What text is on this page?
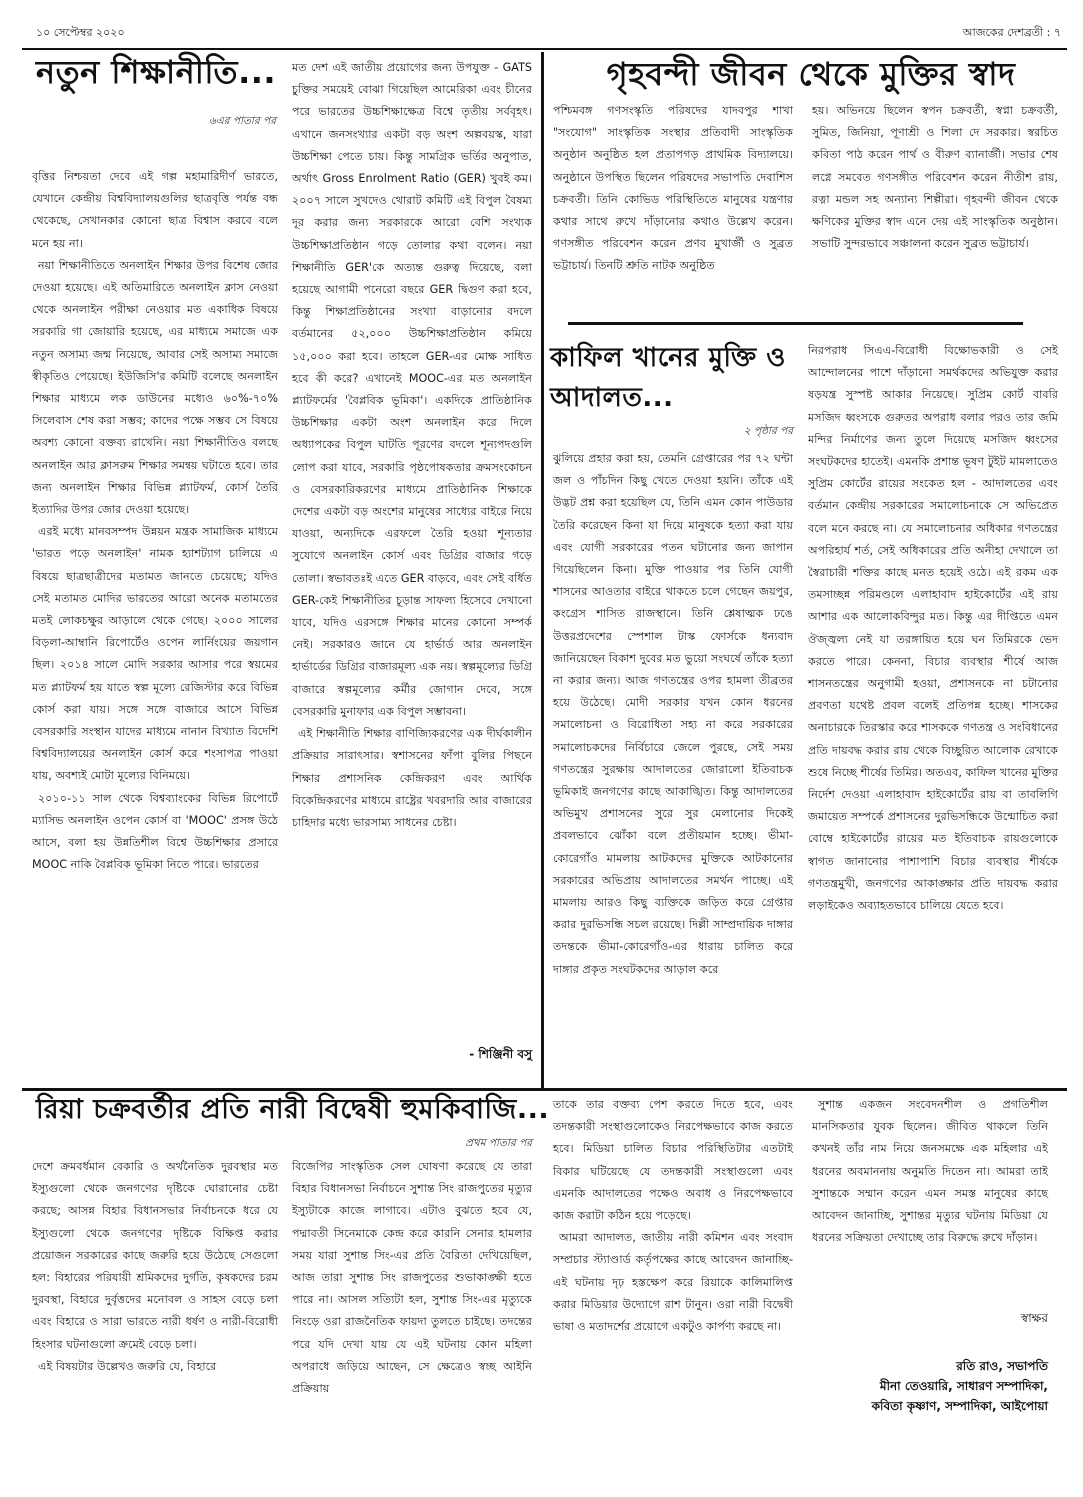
১০ সেপ্টেম্বর ২০২০	আজকের দেশব্রতী : ৭
নতুন শিক্ষানীতি...
৬এর পাতার পর

বৃত্তির নিশ্চয়তা দেবে এই গল্প মহামারিদীর্ণ ভারতে, যেখানে কেন্দ্রীয় বিশ্ববিদ্যালয়গুলির ছাত্রবৃত্তি পর্যন্ত বন্ধ থেকেছে, সেখানকার কোনো ছাত্র বিশ্বাস করবে বলে মনে হয় না।

নয়া শিক্ষানীতিতে অনলাইন শিক্ষার উপর বিশেষ জোর দেওয়া হয়েছে। এই অতিমারিতে অনলাইন ক্লাস নেওয়া থেকে অনলাইন পরীক্ষা নেওয়ার মত একাধিক বিষয়ে সরকারি গা জোয়ারি হয়েছে, এর মাধ্যমে সমাজে এক নতুন অসাম্য জন্ম নিয়েছে, আবার সেই অসাম্য সমাজে স্বীকৃতিও পেয়েছে। ইউজিসি'র কমিটি বলেছে অনলাইন শিক্ষার মাধ্যমে লক ডাউনের মধ্যেও ৬০%-৭০% সিলেবাস শেষ করা সম্ভব; কাদের পক্ষে সম্ভব সে বিষয়ে অবশ্য কোনো বক্তব্য রাখেনি। নয়া শিক্ষানীতিও বলছে অনলাইন আর ক্লাসরুম শিক্ষার সমন্বয় ঘটাতে হবে। তার জন্য অনলাইন শিক্ষার বিভিন্ন প্ল্যাটফর্ম, কোর্স তৈরি ইত্যাদির উপর জোর দেওয়া হয়েছে।

এরই মধ্যে মানবসম্পদ উন্নয়ন মন্ত্রক সামাজিক মাধ্যমে 'ভারত পড়ে অনলাইন' নামক হ্যাশট্যাগ চালিয়ে এ বিষয়ে ছাত্রছাত্রীদের মতামত জানতে চেয়েছে; যদিও সেই মতামত মোদির ভারতের আরো অনেক মতামতের মতই লোকচক্ষুর আড়ালে থেকে গেছে। ২০০০ সালের বিড়লা-আম্বানি রিপোর্টেও ওপেন লার্নিংয়ের জয়গান ছিল। ২০১৪ সালে মোদি সরকার আসার পরে স্বয়মের মত প্ল্যাটফর্ম হয় যাতে স্বল্প মূল্যে রেজিস্টার করে বিভিন্ন কোর্স করা যায়। সঙ্গে সঙ্গে বাজারে আসে বিভিন্ন বেসরকারি সংস্থান যাদের মাধ্যমে নানান বিখ্যাত বিদেশি বিশ্ববিদ্যালয়ের অনলাইন কোর্স করে শংসাপত্র পাওয়া যায়, অবশ্যই মোটা মূল্যের বিনিময়ে।

২০১০-১১ সাল থেকে বিশ্বব্যাংকের বিভিন্ন রিপোর্টে ম্যাসিভ অনলাইন ওপেন কোর্স বা 'MOOC' প্রসঙ্গ উঠে আসে, বলা হয় উন্নতিশীল বিশ্বে উচ্চশিক্ষার প্রসারে MOOC নাকি বৈপ্লবিক ভূমিকা নিতে পারে। ভারতের

মত দেশ এই জাতীয় প্রয়োগের জন্য উপযুক্ত - GATS চুক্তির সময়েই বোঝা গিয়েছিল আমেরিকা এবং চীনের পরে ভারতের উচ্চশিক্ষাক্ষেত্র বিশ্বে তৃতীয় সর্ববৃহৎ। এখানে জনসংখ্যার একটা বড় অংশ অল্পবয়স্ক, যারা উচ্চশিক্ষা পেতে চায়। কিন্তু সামগ্রিক ভর্তির অনুপাত, অর্থাৎ Gross Enrolment Ratio (GER) খুবই কম। ২০০৭ সালে সুখদেও থোরাট কমিটি এই বিপুল বৈষম্য দূর করার জন্য সরকারকে আরো বেশি সংখ্যক উচ্চশিক্ষাপ্রতিষ্ঠান গড়ে তোলার কথা বলেন। নয়া শিক্ষানীতি GER'কে অত্যন্ত গুরুত্ব দিয়েছে, বলা হয়েছে আগামী পনেরো বছরে GER দ্বিগুণ করা হবে, কিন্তু শিক্ষাপ্রতিষ্ঠানের সংখ্যা বাড়ানোর বদলে বর্তমানের ৫২,০০০ উচ্চশিক্ষাপ্রতিষ্ঠান কমিয়ে ১৫,০০০ করা হবে। তাহলে GER-এর মোক্ষ সাধিত হবে কী করে? এখানেই MOOC-এর মত অনলাইন প্ল্যাটফর্মের 'বৈপ্লবিক ভূমিকা'। একদিকে প্রাতিষ্ঠানিক উচ্চশিক্ষার একটা অংশ অনলাইন করে দিলে অধ্যাপকের বিপুল ঘাটতি পূরণের বদলে শূন্যপদগুলি লোপ করা যাবে, সরকারি পৃষ্ঠপোষকতার ক্রমসংকোচন ও বেসরকারিকরণের মাধ্যমে প্রাতিষ্ঠানিক শিক্ষাকে দেশের একটা বড় অংশের মানুষের সাধ্যের বাইরে নিয়ে যাওয়া, অন্যদিকে এরফলে তৈরি হওয়া শূন্যতার সুযোগে অনলাইন কোর্স এবং ডিগ্রির বাজার গড়ে তোলা। স্বভাবতঃই এতে GER বাড়বে, এবং সেই বর্ধিত GER-কেই শিক্ষানীতির চূড়ান্ত সাফল্য হিসেবে দেখানো যাবে, যদিও এরসঙ্গে শিক্ষার মানের কোনো সম্পর্ক নেই। সরকারও জানে যে হার্ভার্ড আর অনলাইন হার্ভার্ডের ডিগ্রির বাজারমূল্য এক নয়। স্বল্পমূল্যের ডিগ্রি বাজারে স্বল্পমূল্যের কর্মীর জোগান দেবে, সঙ্গে বেসরকারি মুনাফার এক বিপুল সম্ভাবনা।

এই শিক্ষানীতি শিক্ষার বাণিজ্যিকরণের এক দীর্ঘকালীন প্রক্রিয়ার সারাৎসার। স্বশাসনের ফাঁপা বুলির পিছনে শিক্ষার প্রশাসনিক কেন্দ্রিকরণ এবং আর্থিক বিকেন্দ্রিকরণের মাধ্যমে রাষ্ট্রের খবরদারি আর বাজারের চাহিদার মধ্যে ভারসাম্য সাধনের চেষ্টা।

- শিঞ্জিনী বসু
গৃহবন্দী জীবন থেকে মুক্তির স্বাদ

পশ্চিমবঙ্গ গণসংস্কৃতি পরিষদের যাদবপুর শাখা "সংযোগ" সাংস্কৃতিক সংস্থার প্রতিবাদী সাংস্কৃতিক অনুষ্ঠান অনুষ্ঠিত হল প্রতাপগড় প্রাথমিক বিদ্যালয়ে। অনুষ্ঠানে উপস্থিত ছিলেন পরিষদের সভাপতি দেবাশিস চক্রবর্তী। তিনি কোভিড পরিস্থিতিতে মানুষের যন্ত্রণার কথার সাথে রুখে দাঁড়ানোর কথাও উল্লেখ করেন। গণসঙ্গীত পরিবেশন করেন প্রণব মুখার্জী ও সুব্রত ভট্টাচার্য। তিনটি শ্রুতি নাটক অনুষ্ঠিত

হয়। অভিনয়ে ছিলেন স্বপন চক্রবর্তী, স্বপ্না চক্রবর্তী, সুমিত, জিনিয়া, পূণাশ্রী ও শিলা দে সরকার। স্বরচিত কবিতা পাঠ করেন পার্থ ও বীরুণ ব্যানার্জী। সভার শেষ লগ্নে সমবেত গণসঙ্গীত পরিবেশন করেন নীতীশ রায়, রত্না মন্ডল সহ অন্যান্য শিল্পীরা। গৃহবন্দী জীবন থেকে ক্ষণিকের মুক্তির স্বাদ এনে দেয় এই সাংস্কৃতিক অনুষ্ঠান। সভাটি সুন্দরভাবে সঞ্চালনা করেন সুব্রত ভট্টাচার্য।

কাফিল খানের মুক্তি ও আদালত...
২ পৃষ্ঠার পর

ঝুলিয়ে প্রহার করা হয়, তেমনি গ্রেপ্তারের পর ৭২ ঘন্টা জল ও পাঁচদিন কিছু খেতে দেওয়া হয়নি। তাঁকে এই উদ্ভট প্রশ্ন করা হয়েছিল যে, তিনি এমন কোন পাউডার তৈরি করেছেন কিনা যা দিয়ে মানুষকে হত্যা করা যায় এবং যোগী সরকারের পতন ঘটানোর জন্য জাপান গিয়েছিলেন কিনা। মুক্তি পাওয়ার পর তিনি যোগী শাসনের আওতার বাইরে থাকতে চলে গেছেন জয়পুর, কংগ্রেস শাসিত রাজস্থানে। তিনি শ্লেষাত্মক ঢঙে উত্তরপ্রদেশের স্পেশাল টাস্ক ফোর্সকে ধন্যবাদ জানিয়েছেন বিকাশ দুবের মত ভুয়ো সংঘর্ষে তাঁকে হত্যা না করার জন্য। আজ গণতন্ত্রের ওপর হামলা তীব্রতর হয়ে উঠেছে। মোদী সরকার যখন কোন ধরনের সমালোচনা ও বিরোধিতা সহ্য না করে সরকারের সমালোচকদের নির্বিচারে জেলে পুরছে, সেই সময় গণতন্ত্রের সুরক্ষায় আদালতের জোরালো ইতিবাচক ভূমিকাই জনগণের কাছে আকাঙ্খিত। কিন্তু আদালতের অভিমুখ প্রশাসনের সুরে সুর মেলানোর দিকেই প্রবলভাবে ঝোঁকা বলে প্রতীয়মান হচ্ছে। ভীমা-কোরেগাঁও মামলায় আটকদের মুক্তিকে আটকানোর সরকারের অভিপ্রায় আদালতের সমর্থন পাচ্ছে। এই মামলায় আরও কিছু ব্যক্তিকে জড়িত করে গ্রেপ্তার করার দুরভিসন্ধি সচল রয়েছে। দিল্লী সাম্প্রদায়িক দাঙ্গার তদন্তকে ভীমা-কোরেগাঁও-এর ধারায় চালিত করে দাঙ্গার প্রকৃত সংঘটকদের আড়াল করে

নিরপরাধ সিএএ-বিরোধী বিক্ষোভকারী ও সেই আন্দোলনের পাশে দাঁড়ানো সমর্থকদের অভিযুক্ত করার ষড়যন্ত্র সুস্পষ্ট আকার নিয়েছে। সুপ্রিম কোর্ট বাবরি মসজিদ ধ্বংসকে গুরুতর অপরাধ বলার পরও তার জমি মন্দির নির্মাণের জন্য তুলে দিয়েছে মসজিদ ধ্বংসের সংঘটকদের হাতেই। এমনকি প্রশান্ত ভূষণ টুইট মামলাতেও সুপ্রিম কোর্টের রায়ের সংকেত হল - আদালতের এবং বর্তমান কেন্দ্রীয় সরকারের সমালোচনাকে সে অভিপ্রেত বলে মনে করছে না। যে সমালোচনার অধিকার গণতন্ত্রের অপরিহার্য শর্ত, সেই অধিকারের প্রতি অনীহা দেখালে তা স্বৈরাচারী শক্তির কাছে মনত হয়েই ওঠে। এই রকম এক তমসাচ্ছন্ন পরিমণ্ডলে এলাহাবাদ হাইকোর্টের এই রায় আশার এক আলোকবিন্দুর মত। কিন্তু এর দীপ্তিতে এমন ঔজ্জ্বল্য নেই যা তরঙ্গায়িত হয়ে ঘন তিমিরকে ভেদ করতে পারে। কেননা, বিচার ব্যবস্থার শীর্ষে আজ শাসনতন্ত্রের অনুগামী হওয়া, প্রশাসনকে না চটানোর প্রবণতা যথেষ্ট প্রবল বলেই প্রতিপন্ন হচ্ছে। শাসকের অনাচারকে তিরস্কার করে শাসককে গণতন্ত্র ও সংবিধানের প্রতি দায়বদ্ধ করার রায় থেকে বিচ্ছুরিত আলোক রেখাকে শুষে নিচ্ছে শীর্ষের তিমির। অতএব, কাফিল খানের মুক্তির নির্দেশ দেওয়া এলাহাবাদ হাইকোর্টের রায় বা তাবলিগি জমায়েত সম্পর্কে প্রশাসনের দুরভিসন্ধিকে উন্মোচিত করা বোম্বে হাইকোর্টের রায়ের মত ইতিবাচক রায়গুলোকে স্বাগত জানানোর পাশাপাশি বিচার ব্যবস্থার শীর্ষকে গণতন্ত্রমুখী, জনগণের আকাঙ্ক্ষার প্রতি দায়বদ্ধ করার লড়াইকেও অব্যাহতভাবে চালিয়ে যেতে হবে।

রিয়া চক্রবর্তীর প্রতি নারী বিদ্বেষী হুমকিবাজি...
প্রথম পাতার পর

দেশে ক্রমবর্ধমান বেকারি ও অর্থনৈতিক দুরবস্থার মত ইস্যুগুলো থেকে জনগণের দৃষ্টিকে ঘোরানোর চেষ্টা করছে; আসন্ন বিহার বিধানসভার নির্বাচনকে ধরে যে ইস্যুগুলো থেকে জনগণের দৃষ্টিকে বিক্ষিপ্ত করার প্রয়োজন সরকারের কাছে জরুরি হয়ে উঠেছে সেগুলো হল: বিহারের পরিযায়ী শ্রমিকদের দুর্গতি, কৃষকদের চরম দুরবস্থা, বিহারে দুর্বৃত্তদের মনোবল ও সাহস বেড়ে চলা এবং বিহারে ও সারা ভারতে নারী ধর্ষণ ও নারী-বিরোধী হিংসার ঘটনাগুলো ক্রমেই বেড়ে চলা।

এই বিষয়টার উল্লেখও জরুরি যে, বিহারে

বিজেপির সাংস্কৃতিক সেল ঘোষণা করেছে যে তারা বিহার বিধানসভা নির্বাচনে সুশান্ত সিং রাজপুতের মৃত্যুর ইস্যুটাকে কাজে লাগাবে। এটাও বুঝতে হবে যে, পদ্মাবতী সিনেমাকে কেন্দ্র করে কারনি সেনার হামলার সময় যারা সুশান্ত সিং-এর প্রতি বৈরিতা দেখিয়েছিল, আজ তারা সুশান্ত সিং রাজপুতের শুভাকাঙ্ক্ষী হতে পারে না। আসল সত্যিটা হল, সুশান্ত সিং-এর মৃত্যুকে নিংড়ে ওরা রাজনৈতিক ফায়দা তুলতে চাইছে। তদন্তের পরে যদি দেখা যায় যে এই ঘটনায় কোন মহিলা অপরাধে জড়িয়ে আছেন, সে ক্ষেত্রেও স্বচ্ছ আইনি প্রক্রিয়ায়

তাকে তার বক্তব্য পেশ করতে দিতে হবে, এবং তদন্তকারী সংস্থাগুলোকেও নিরপেক্ষভাবে কাজ করতে হবে। মিডিয়া চালিত বিচার পরিস্থিতিটার এতটাই বিকার ঘটিয়েছে যে তদন্তকারী সংস্থাগুলো এবং এমনকি আদালতের পক্ষেও অবাধ ও নিরপেক্ষভাবে কাজ করাটা কঠিন হয়ে পড়েছে।

আমরা আদালত, জাতীয় নারী কমিশন এবং সংবাদ সম্প্রচার স্ট্যাণ্ডার্ড কর্তৃপক্ষের কাছে আবেদন জানাচ্ছি- এই ঘটনায় দৃঢ় হস্তক্ষেপ করে রিয়াকে কালিমালিপ্ত করার মিডিয়ার উদ্যোগে রাশ টানুন। ওরা নারী বিদ্বেষী ভাষা ও মতাদর্শের প্রয়োগে একটুও কার্পণ্য করছে না।

সুশান্ত একজন সংবেদনশীল ও প্রগতিশীল মানসিকতার যুবক ছিলেন। জীবিত থাকলে তিনি কখনই তাঁর নাম নিয়ে জনসমক্ষে এক মহিলার এই ধরনের অবমাননায় অনুমতি দিতেন না। আমরা তাই সুশান্তকে সম্মান করেন এমন সমস্ত মানুষের কাছে আবেদন জানাচ্ছি, সুশান্তর মৃত্যুর ঘটনায় মিডিয়া যে ধরনের সক্রিয়তা দেখাচ্ছে তার বিরুদ্ধে রুখে দাঁড়ান।

স্বাক্ষর
রতি রাও, সভাপতি
মীনা তেওয়ারি, সাধারণ সম্পাদিকা,
কবিতা কৃষ্ণাণ, সম্পাদিকা, আইপোয়া
